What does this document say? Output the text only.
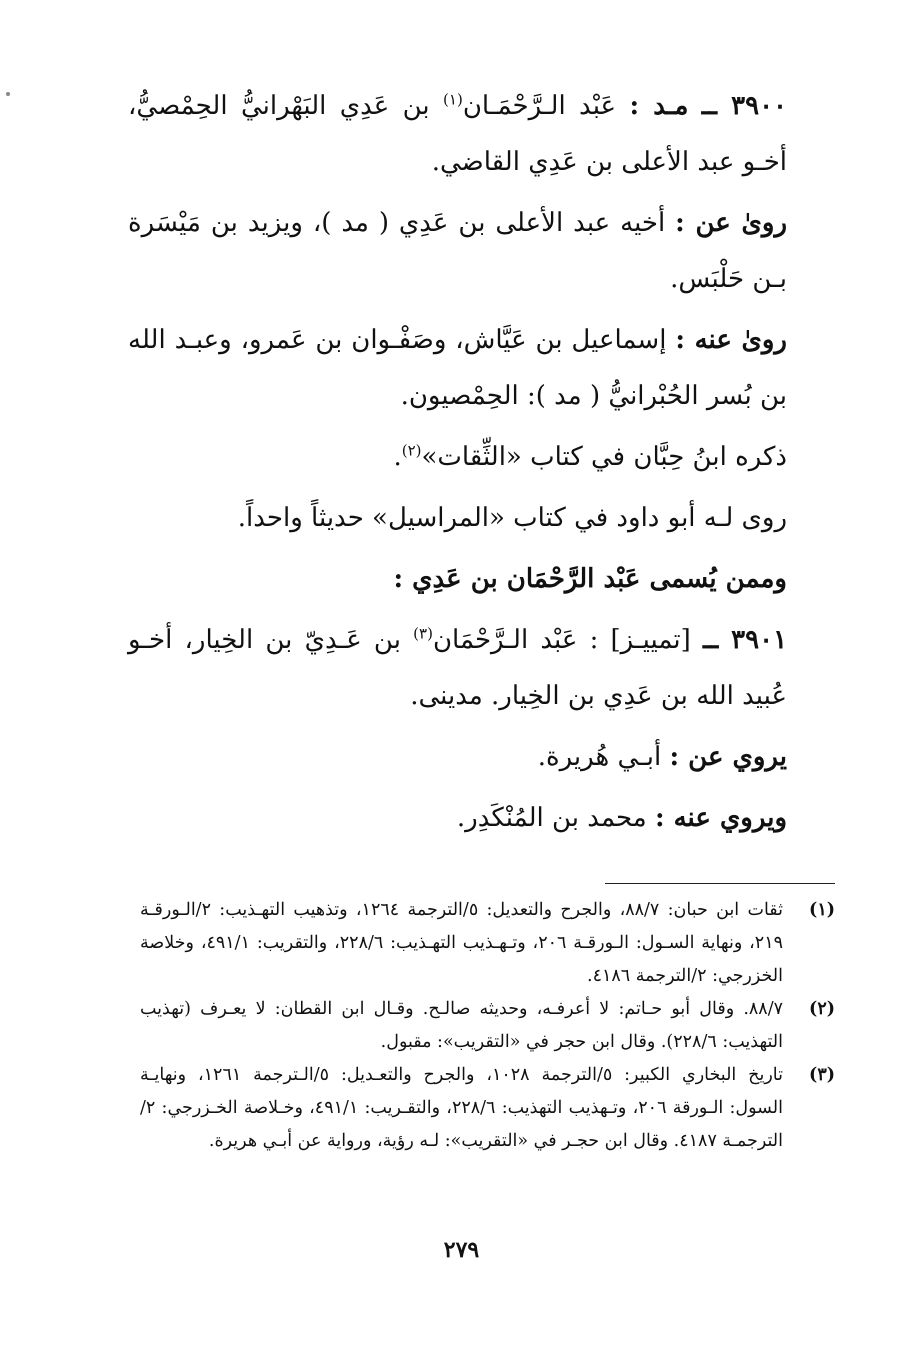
٣٩٠٠ ــ مـد : عَبْد الـرَّحْمَـان$^{(١)}$ بن عَدِي البَهْرانيُّ الحِمْصيُّ، أخـو عبد الأعلى بن عَدِي القاضي.

روىٰ عن : أخيه عبد الأعلى بن عَدِي ( مد )، ويزيد بن مَيْسَرة بـن حَلْبَس.

روىٰ عنه : إسماعيل بن عَيَّاش، وصَفْـوان بن عَمرو، وعبـد الله بن بُسر الحُبْرانيُّ ( مد ): الحِمْصيون.

ذكره ابنُ حِبَّان في كتاب «الثِّقات»$^{(٢)}$.

روى لـه أبو داود في كتاب «المراسيل» حديثاً واحداً.

وممن يُسمى عَبْد الرَّحْمَان بن عَدِي :

٣٩٠١ ــ [تمييـز] : عَبْد الـرَّحْمَان$^{(٣)}$ بن عَـدِيّ بن الخِيار، أخـو عُبيد الله بن عَدِي بن الخِيار. مدينى.

يروي عن : أبـي هُريرة.

ويروي عنه : محمد بن المُنْكَدِر.

(١)
ثقات ابن حبان: ٨٨/٧، والجرح والتعديل: ٥/الترجمة ١٢٦٤، وتذهيب التهـذيب: ٢/الـورقـة ٢١٩، ونهاية السـول: الـورقـة ٢٠٦، وتـهـذيب التهـذيب: ٢٢٨/٦، والتقريب: ٤٩١/١، وخلاصة الخزرجي: ٢/الترجمة ٤١٨٦.
(٢)
٨٨/٧. وقال أبو حـاتم: لا أعرفـه، وحديثه صالـح. وقـال ابن القطان: لا يعـرف (تهذيب التهذيب: ٢٢٨/٦). وقال ابن حجر في «التقريب»: مقبول.
(٣)
تاريخ البخاري الكبير: ٥/الترجمة ١٠٢٨، والجرح والتعـديل: ٥/الـترجمة ١٢٦١، ونهايـة السول: الـورقة ٢٠٦، وتـهذيب التهذيب: ٢٢٨/٦، والتقـريب: ٤٩١/١، وخـلاصة الخـزرجي: ٢/الترجمـة ٤١٨٧. وقال ابن حجـر في «التقريب»: لـه رؤية، ورواية عن أبـي هريرة.
٢٧٩
